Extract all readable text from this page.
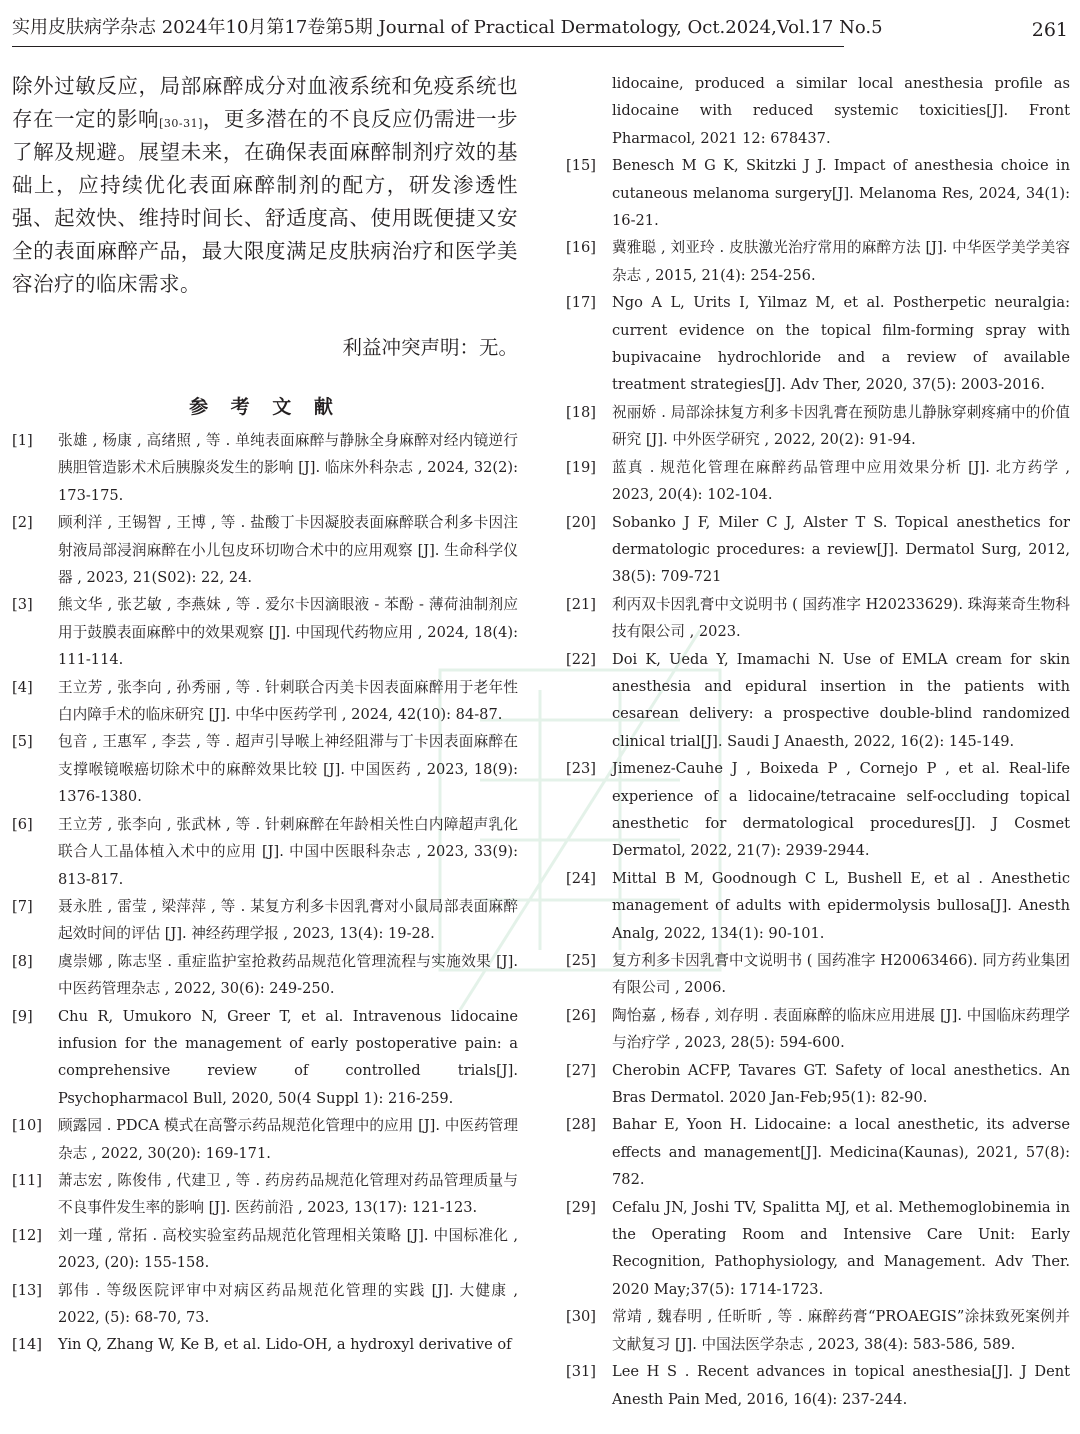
实用皮肤病学杂志 2024年10月第17卷第5期 Journal of Practical Dermatology, Oct.2024,Vol.17 No.5	261

除外过敏反应，局部麻醉成分对血液系统和免疫系统也存在一定的影响[30-31]，更多潜在的不良反应仍需进一步了解及规避。展望未来，在确保表面麻醉制剂疗效的基础上，应持续优化表面麻醉制剂的配方，研发渗透性强、起效快、维持时间长、舒适度高、使用既便捷又安全的表面麻醉产品，最大限度满足皮肤病治疗和医学美容治疗的临床需求。

利益冲突声明：无。
参 考 文 献
[1] 张雄 , 杨康 , 高绪照 , 等 . 单纯表面麻醉与静脉全身麻醉对经内镜逆行胰胆管造影术术后胰腺炎发生的影响 [J]. 临床外科杂志 , 2024, 32(2): 173-175.
[2] 顾利洋 , 王锡智 , 王博 , 等 . 盐酸丁卡因凝胶表面麻醉联合利多卡因注射液局部浸润麻醉在小儿包皮环切吻合术中的应用观察 [J]. 生命科学仪器 , 2023, 21(S02): 22, 24.
[3] 熊文华 , 张艺敏 , 李燕妹 , 等 . 爱尔卡因滴眼液 - 苯酚 - 薄荷油制剂应用于鼓膜表面麻醉中的效果观察 [J]. 中国现代药物应用 , 2024, 18(4): 111-114.
[4] 王立芳 , 张李向 , 孙秀丽 , 等 . 针刺联合丙美卡因表面麻醉用于老年性白内障手术的临床研究 [J]. 中华中医药学刊 , 2024, 42(10): 84-87.
[5] 包音 , 王惠军 , 李芸 , 等 . 超声引导喉上神经阻滞与丁卡因表面麻醉在支撑喉镜喉癌切除术中的麻醉效果比较 [J]. 中国医药 , 2023, 18(9): 1376-1380.
[6] 王立芳 , 张李向 , 张武林 , 等 . 针刺麻醉在年龄相关性白内障超声乳化联合人工晶体植入术中的应用 [J]. 中国中医眼科杂志 , 2023, 33(9): 813-817.
[7] 聂永胜 , 雷莹 , 梁萍萍 , 等 . 某复方利多卡因乳膏对小鼠局部表面麻醉起效时间的评估 [J]. 神经药理学报 , 2023, 13(4): 19-28.
[8] 虞崇娜 , 陈志坚 . 重症监护室抢救药品规范化管理流程与实施效果 [J]. 中医药管理杂志 , 2022, 30(6): 249-250.
[9] Chu R, Umukoro N, Greer T, et al. Intravenous lidocaine infusion for the management of early postoperative pain: a comprehensive review of controlled trials[J]. Psychopharmacol Bull, 2020, 50(4 Suppl 1): 216-259.
[10] 顾露园 . PDCA 模式在高警示药品规范化管理中的应用 [J]. 中医药管理杂志 , 2022, 30(20): 169-171.
[11] 萧志宏 , 陈俊伟 , 代建卫 , 等 . 药房药品规范化管理对药品管理质量与不良事件发生率的影响 [J]. 医药前沿 , 2023, 13(17): 121-123.
[12] 刘一瑾 , 常拓 . 高校实验室药品规范化管理相关策略 [J]. 中国标准化 , 2023, (20): 155-158.
[13] 郭伟 . 等级医院评审中对病区药品规范化管理的实践 [J]. 大健康 , 2022, (5): 68-70, 73.
[14] Yin Q, Zhang W, Ke B, et al. Lido-OH, a hydroxyl derivative of

lidocaine, produced a similar local anesthesia profile as lidocaine with reduced systemic toxicities[J]. Front Pharmacol, 2021 12: 678437.

[15] Benesch M G K, Skitzki J J. Impact of anesthesia choice in cutaneous melanoma surgery[J]. Melanoma Res, 2024, 34(1): 16-21.
[16] 冀雅聪 , 刘亚玲 . 皮肤激光治疗常用的麻醉方法 [J]. 中华医学美学美容杂志 , 2015, 21(4): 254-256.
[17] Ngo A L, Urits I, Yilmaz M, et al. Postherpetic neuralgia: current evidence on the topical film-forming spray with bupivacaine hydrochloride and a review of available treatment strategies[J]. Adv Ther, 2020, 37(5): 2003-2016.
[18] 祝丽娇 . 局部涂抹复方利多卡因乳膏在预防患儿静脉穿刺疼痛中的价值研究 [J]. 中外医学研究 , 2022, 20(2): 91-94.
[19] 蓝真 . 规范化管理在麻醉药品管理中应用效果分析 [J]. 北方药学 , 2023, 20(4): 102-104.
[20] Sobanko J F, Miler C J, Alster T S. Topical anesthetics for dermatologic procedures: a review[J]. Dermatol Surg, 2012, 38(5): 709-721
[21] 利丙双卡因乳膏中文说明书 ( 国药准字 H20233629). 珠海莱奇生物科技有限公司 , 2023.
[22] Doi K, Ueda Y, Imamachi N. Use of EMLA cream for skin anesthesia and epidural insertion in the patients with cesarean delivery: a prospective double-blind randomized clinical trial[J]. Saudi J Anaesth, 2022, 16(2): 145-149.
[23] Jimenez-Cauhe J , Boixeda P , Cornejo P , et al. Real-life experience of a lidocaine/tetracaine self-occluding topical anesthetic for dermatological procedures[J]. J Cosmet Dermatol, 2022, 21(7): 2939-2944.
[24] Mittal B M, Goodnough C L, Bushell E, et al . Anesthetic management of adults with epidermolysis bullosa[J]. Anesth Analg, 2022, 134(1): 90-101.
[25] 复方利多卡因乳膏中文说明书 ( 国药准字 H20063466). 同方药业集团有限公司 , 2006.
[26] 陶怡嘉 , 杨春 , 刘存明 . 表面麻醉的临床应用进展 [J]. 中国临床药理学与治疗学 , 2023, 28(5): 594-600.
[27] Cherobin ACFP, Tavares GT. Safety of local anesthetics. An Bras Dermatol. 2020 Jan-Feb;95(1): 82-90.
[28] Bahar E, Yoon H. Lidocaine: a local anesthetic, its adverse effects and management[J]. Medicina(Kaunas), 2021, 57(8): 782.
[29] Cefalu JN, Joshi TV, Spalitta MJ, et al. Methemoglobinemia in the Operating Room and Intensive Care Unit: Early Recognition, Pathophysiology, and Management. Adv Ther. 2020 May;37(5): 1714-1723.
[30] 常靖 , 魏春明 , 任昕昕 , 等 . 麻醉药膏“PROAEGIS”涂抹致死案例并文献复习 [J]. 中国法医学杂志 , 2023, 38(4): 583-586, 589.
[31] Lee H S . Recent advances in topical anesthesia[J]. J Dent Anesth Pain Med, 2016, 16(4): 237-244.
